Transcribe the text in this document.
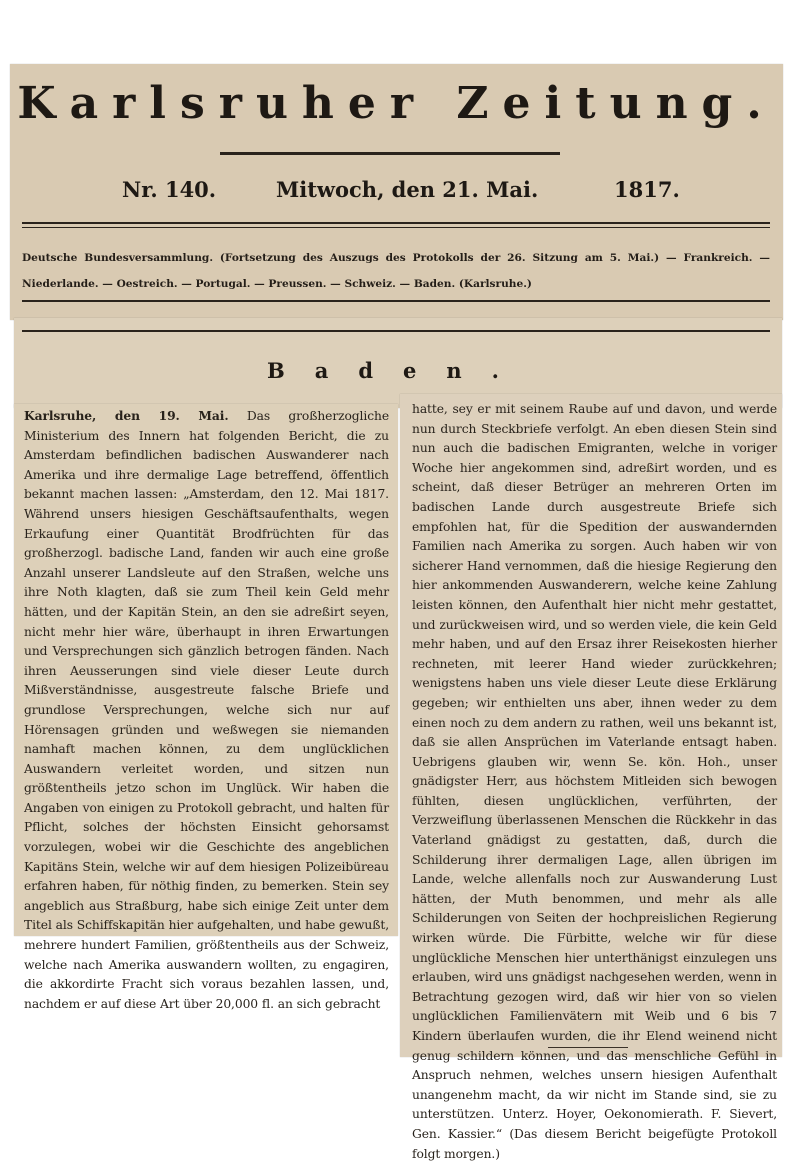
Karlsruher Zeitung.
Nr. 140.	Mitwoch, den 21. Mai.	1817.
Deutsche Bundesversammlung. (Fortsetzung des Auszugs des Protokolls der 26. Sitzung am 5. Mai.) — Frankreich. — Niederlande. — Oestreich. — Portugal. — Preussen. — Schweiz. — Baden. (Karlsruhe.)
Baden.
Karlsruhe, den 19. Mai. Das großherzogliche Ministerium des Innern hat folgenden Bericht, die zu Amsterdam befindlichen badischen Auswanderer nach Amerika und ihre dermalige Lage betreffend, öffentlich bekannt machen lassen: „Amsterdam, den 12. Mai 1817. Während unsers hiesigen Geschäftsaufenthalts, wegen Erkaufung einer Quantität Brodfrüchten für das großherzogl. badische Land, fanden wir auch eine große Anzahl unserer Landsleute auf den Straßen, welche uns ihre Noth klagten, daß sie zum Theil kein Geld mehr hätten, und der Kapitän Stein, an den sie adreßirt seyen, nicht mehr hier wäre, überhaupt in ihren Erwartungen und Versprechungen sich gänzlich betrogen fänden. Nach ihren Aeusserungen sind viele dieser Leute durch Mißverständnisse, ausgestreute falsche Briefe und grundlose Versprechungen, welche sich nur auf Hörensagen gründen und weßwegen sie niemanden namhaft machen können, zu dem unglücklichen Auswandern verleitet worden, und sitzen nun größtentheils jetzo schon im Unglück. Wir haben die Angaben von einigen zu Protokoll gebracht, und halten für Pflicht, solches der höchsten Einsicht gehorsamst vorzulegen, wobei wir die Geschichte des angeblichen Kapitäns Stein, welche wir auf dem hiesigen Polizeibüreau erfahren haben, für nöthig finden, zu bemerken. Stein sey angeblich aus Straßburg, habe sich einige Zeit unter dem Titel als Schiffskapitän hier aufgehalten, und habe gewußt, mehrere hundert Familien, größtentheils aus der Schweiz, welche nach Amerika auswandern wollten, zu engagiren, die akkordirte Fracht sich voraus bezahlen lassen, und, nachdem er auf diese Art über 20,000 fl. an sich gebracht
hatte, sey er mit seinem Raube auf und davon, und werde nun durch Steckbriefe verfolgt. An eben diesen Stein sind nun auch die badischen Emigranten, welche in voriger Woche hier angekommen sind, adreßirt worden, und es scheint, daß dieser Betrüger an mehreren Orten im badischen Lande durch ausgestreute Briefe sich empfohlen hat, für die Spedition der auswandernden Familien nach Amerika zu sorgen. Auch haben wir von sicherer Hand vernommen, daß die hiesige Regierung den hier ankommenden Auswanderern, welche keine Zahlung leisten können, den Aufenthalt hier nicht mehr gestattet, und zurückweisen wird, und so werden viele, die kein Geld mehr haben, und auf den Ersaz ihrer Reisekosten hierher rechneten, mit leerer Hand wieder zurückkehren; wenigstens haben uns viele dieser Leute diese Erklärung gegeben; wir enthielten uns aber, ihnen weder zu dem einen noch zu dem andern zu rathen, weil uns bekannt ist, daß sie allen Ansprüchen im Vaterlande entsagt haben. Uebrigens glauben wir, wenn Se. kön. Hoh., unser gnädigster Herr, aus höchstem Mitleiden sich bewogen fühlten, diesen unglücklichen, verführten, der Verzweiflung überlassenen Menschen die Rückkehr in das Vaterland gnädigst zu gestatten, daß, durch die Schilderung ihrer dermaligen Lage, allen übrigen im Lande, welche allenfalls noch zur Auswanderung Lust hätten, der Muth benommen, und mehr als alle Schilderungen von Seiten der hochpreislichen Regierung wirken würde. Die Fürbitte, welche wir für diese unglückliche Menschen hier unterthänigst einzulegen uns erlauben, wird uns gnädigst nachgesehen werden, wenn in Betrachtung gezogen wird, daß wir hier von so vielen unglücklichen Familienvätern mit Weib und 6 bis 7 Kindern überlaufen wurden, die ihr Elend weinend nicht genug schildern können, und das menschliche Gefühl in Anspruch nehmen, welches unsern hiesigen Aufenthalt unangenehm macht, da wir nicht im Stande sind, sie zu unterstützen. Unterz. Hoyer, Oekonomierath. F. Sievert, Gen. Kassier.“ (Das diesem Bericht beigefügte Protokoll folgt morgen.)
